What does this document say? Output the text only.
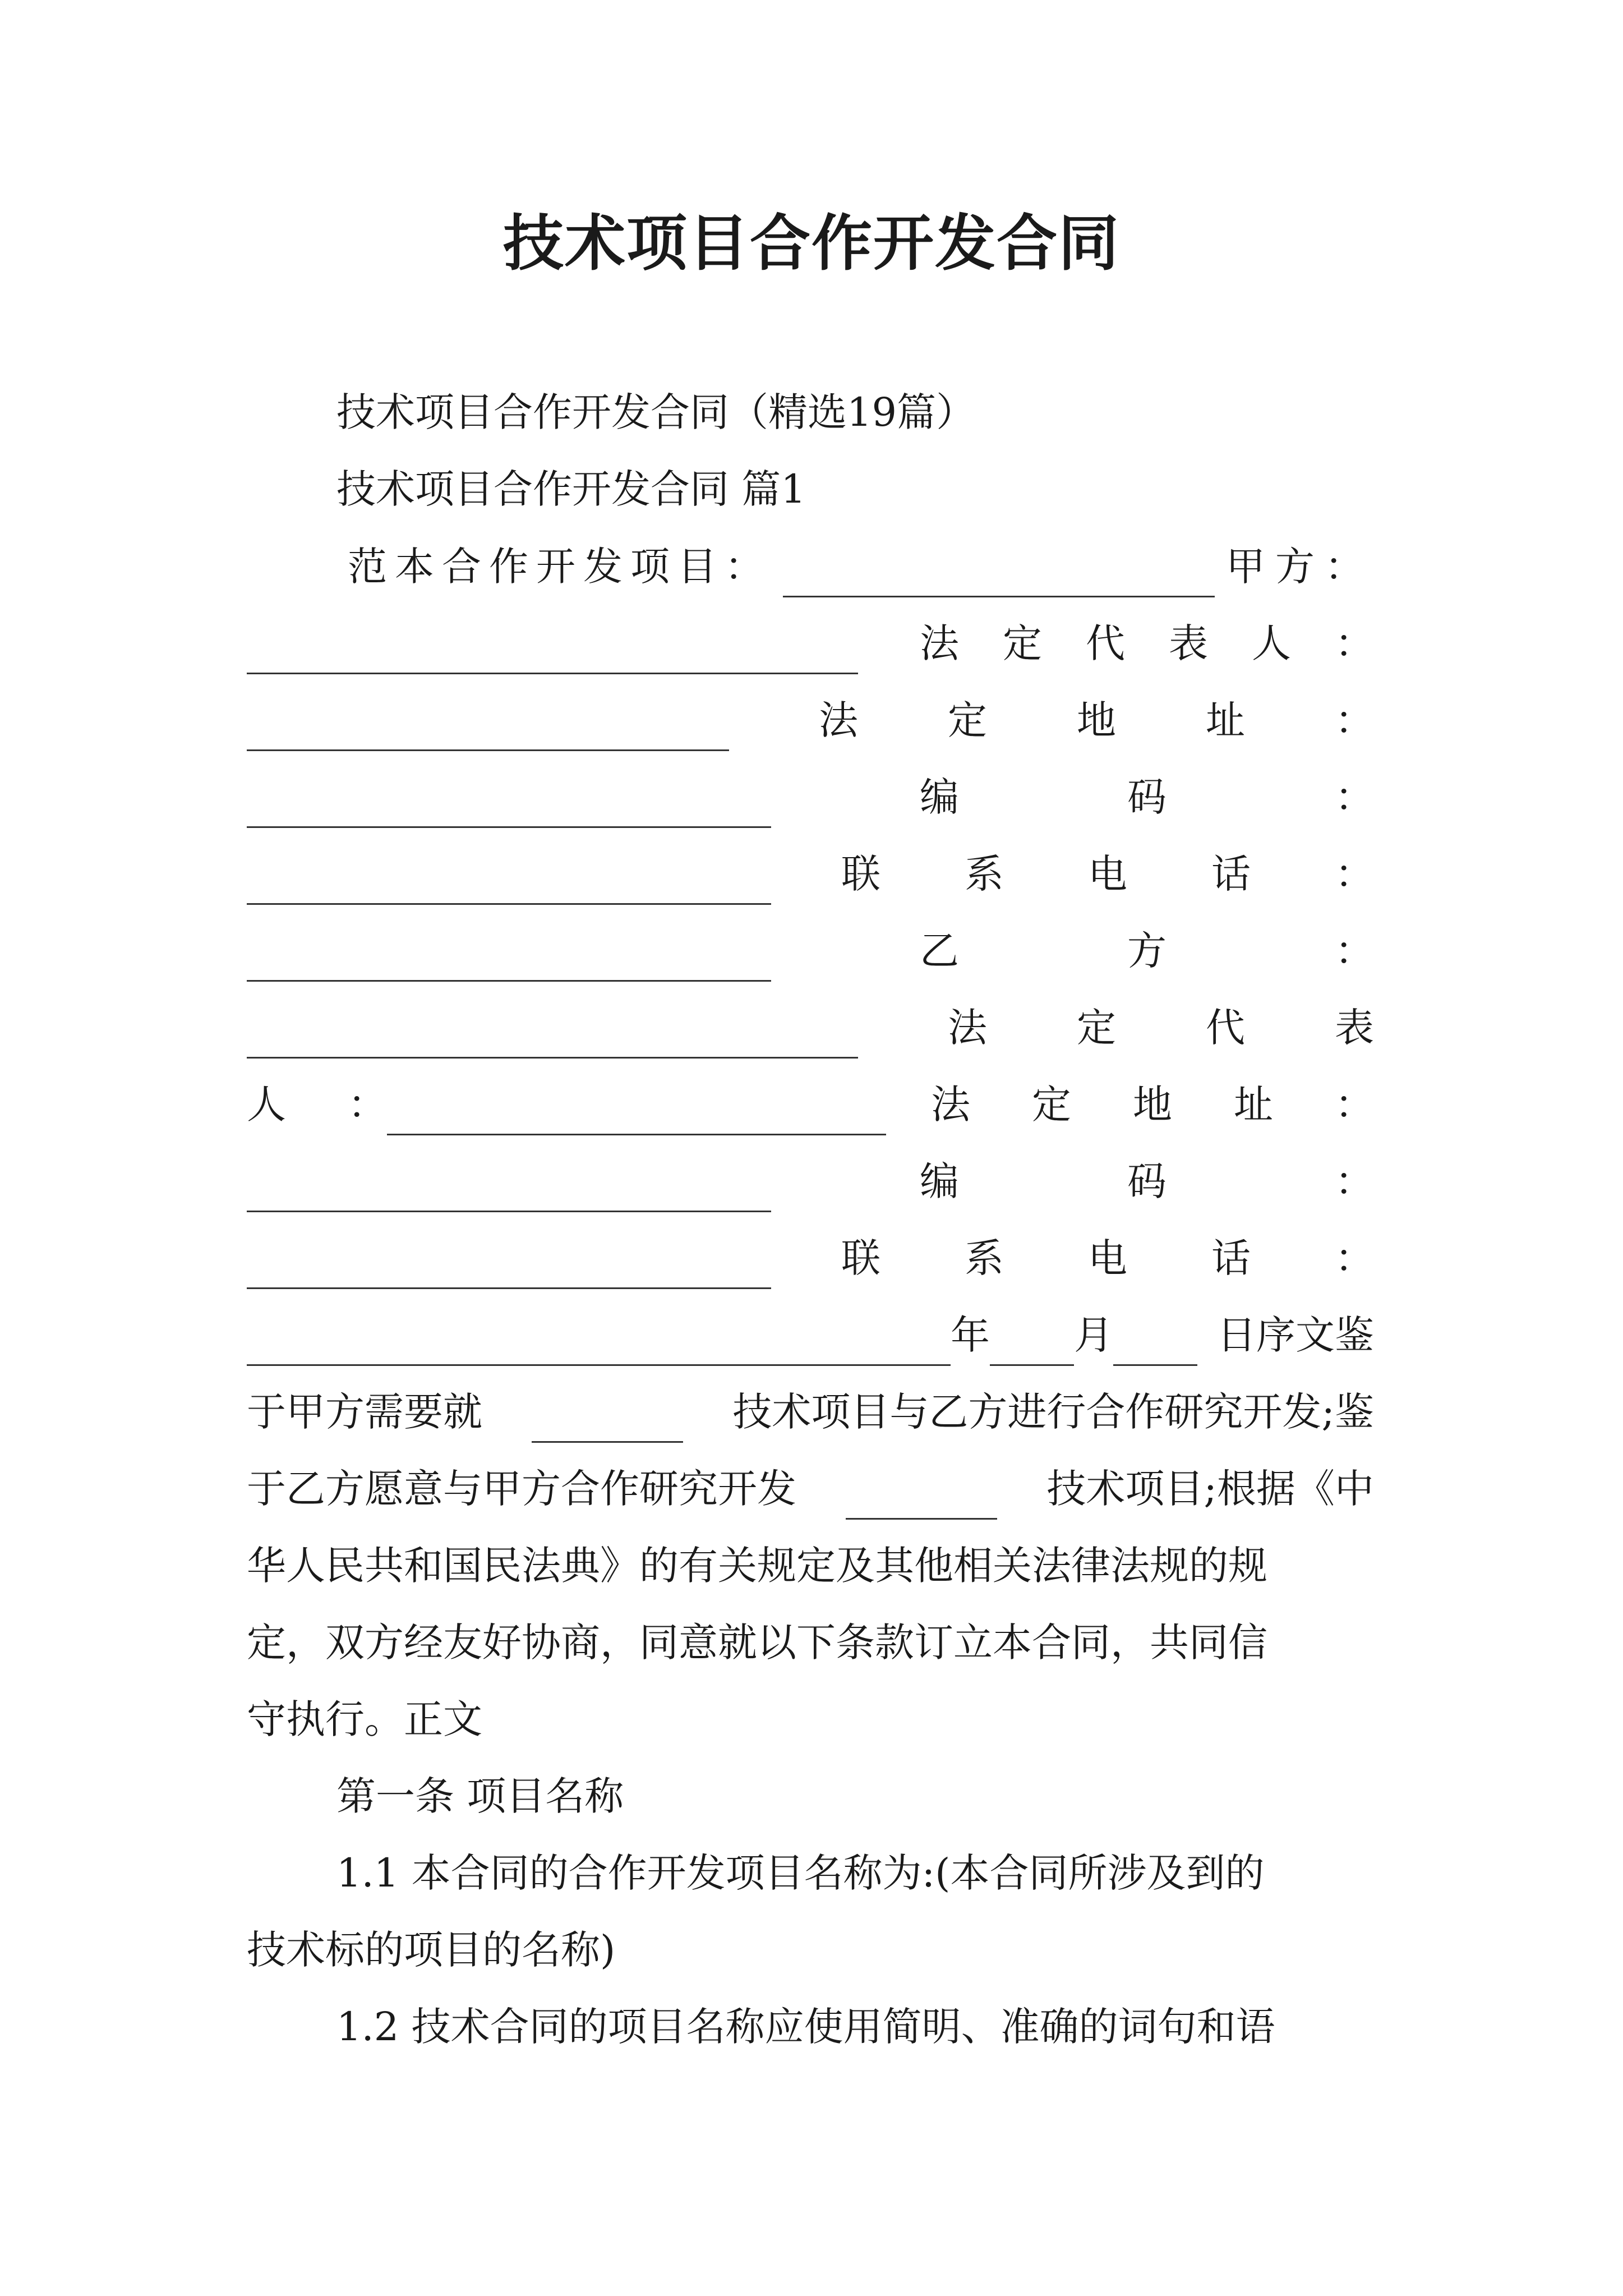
技术项目合作开发合同
技术项目合作开发合同（精选19篇）
技术项目合作开发合同 篇1
范本合作开发项目：	甲方：
法定代表人：
法定地址：
编码：
联系电话：
乙方：
法定代表
人：	法定地址：
编码：
联系电话：
年 月	日序文鉴
于甲方需要就	技术项目与乙方进行合作研究开发;鉴
于乙方愿意与甲方合作研究开发	技术项目;根据《中
华人民共和国民法典》的有关规定及其他相关法律法规的规
定，双方经友好协商，同意就以下条款订立本合同，共同信
守执行。正文
第一条 项目名称
1.1 本合同的合作开发项目名称为:(本合同所涉及到的
技术标的项目的名称)
1.2 技术合同的项目名称应使用简明、准确的词句和语
